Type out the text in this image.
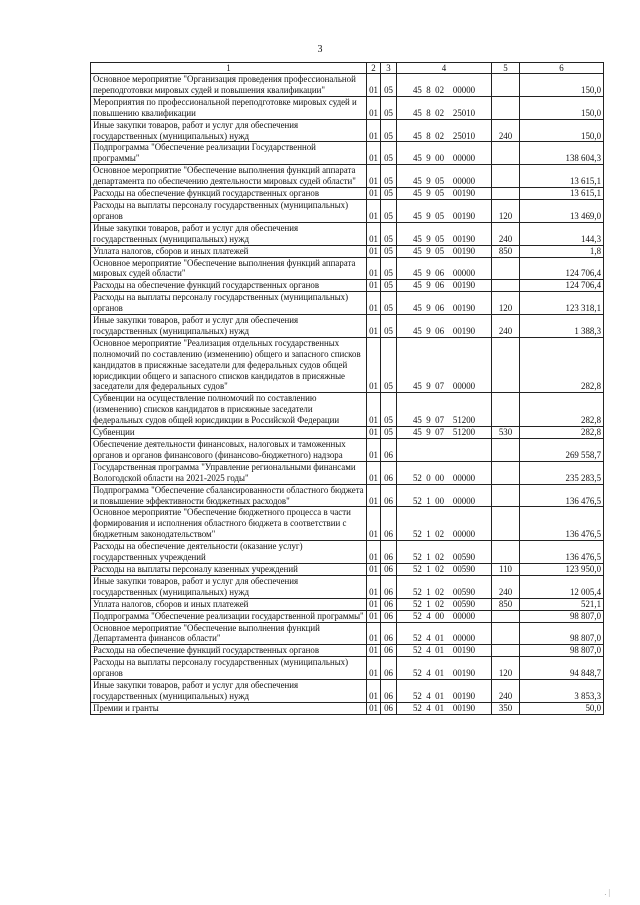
3
1	2	3	4	5	6
Основное мероприятие "Организация проведения профессиональной переподготовки мировых судей и повышения квалификации"	01	05	45  8  02    00000		150,0
Мероприятия по профессиональной переподготовке мировых судей и повышению квалификации	01	05	45  8  02    25010		150,0
Иные закупки товаров, работ и услуг для обеспечения государственных (муниципальных) нужд	01	05	45  8  02    25010	240	150,0
Подпрограмма "Обеспечение реализации Государственной программы"	01	05	45  9  00    00000		138 604,3
Основное мероприятие "Обеспечение выполнения функций аппарата департамента по обеспечению деятельности мировых судей области"	01	05	45  9  05    00000		13 615,1
Расходы на обеспечение функций государственных органов	01	05	45  9  05    00190		13 615,1
Расходы на выплаты персоналу государственных (муниципальных) органов	01	05	45  9  05    00190	120	13 469,0
Иные закупки товаров, работ и услуг для обеспечения государственных (муниципальных) нужд	01	05	45  9  05    00190	240	144,3
Уплата налогов, сборов и иных платежей	01	05	45  9  05    00190	850	1,8
Основное мероприятие "Обеспечение выполнения функций аппарата мировых судей области"	01	05	45  9  06    00000		124 706,4
Расходы на обеспечение функций государственных органов	01	05	45  9  06    00190		124 706,4
Расходы на выплаты персоналу государственных (муниципальных) органов	01	05	45  9  06    00190	120	123 318,1
Иные закупки товаров, работ и услуг для обеспечения государственных (муниципальных) нужд	01	05	45  9  06    00190	240	1 388,3
Основное мероприятие "Реализация отдельных государственных полномочий по составлению (изменению) общего и запасного списков кандидатов в присяжные заседатели для федеральных судов общей юрисдикции общего и запасного списков кандидатов в присяжные заседатели для федеральных судов"	01	05	45  9  07    00000		282,8
Субвенции на осуществление полномочий по составлению (изменению) списков кандидатов в присяжные заседатели федеральных судов общей юрисдикции в Российской Федерации	01	05	45  9  07    51200		282,8
Субвенции	01	05	45  9  07    51200	530	282,8
Обеспечение деятельности финансовых, налоговых и таможенных органов и органов финансового (финансово-бюджетного) надзора	01	06			269 558,7
Государственная программа "Управление региональными финансами Вологодской области на 2021-2025 годы"	01	06	52  0  00    00000		235 283,5
Подпрограмма "Обеспечение сбалансированности областного бюджета и повышение эффективности бюджетных расходов"	01	06	52  1  00    00000		136 476,5
Основное мероприятие "Обеспечение бюджетного процесса в части формирования и исполнения областного бюджета в соответствии с бюджетным законодательством"	01	06	52  1  02    00000		136 476,5
Расходы на обеспечение деятельности (оказание услуг) государственных учреждений	01	06	52  1  02    00590		136 476,5
Расходы на выплаты персоналу казенных учреждений	01	06	52  1  02    00590	110	123 950,0
Иные закупки товаров, работ и услуг для обеспечения государственных (муниципальных) нужд	01	06	52  1  02    00590	240	12 005,4
Уплата налогов, сборов и иных платежей	01	06	52  1  02    00590	850	521,1
Подпрограмма "Обеспечение реализации государственной программы"	01	06	52  4  00    00000		98 807,0
Основное мероприятие "Обеспечение выполнения функций Департамента финансов области"	01	06	52  4  01    00000		98 807,0
Расходы на обеспечение функций государственных органов	01	06	52  4  01    00190		98 807,0
Расходы на выплаты персоналу государственных (муниципальных) органов	01	06	52  4  01    00190	120	94 848,7
Иные закупки товаров, работ и услуг для обеспечения государственных (муниципальных) нужд	01	06	52  4  01    00190	240	3 853,3
Премии и гранты	01	06	52  4  01    00190	350	50,0
. |
